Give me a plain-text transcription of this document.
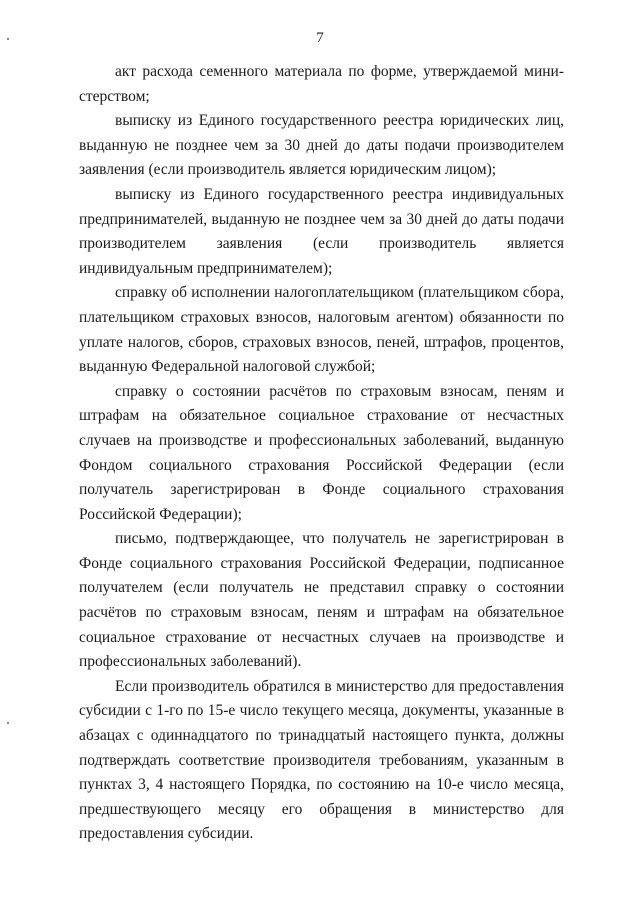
7

акт расхода семенного материала по форме, утверждаемой министерством;

выписку из Единого государственного реестра юридических лиц, выданную не позднее чем за 30 дней до даты подачи производителем заявления (если производитель является юридическим лицом);

выписку из Единого государственного реестра индивидуальных предпринимателей, выданную не позднее чем за 30 дней до даты подачи производителем заявления (если производитель является индивидуальным предпринимателем);

справку об исполнении налогоплательщиком (плательщиком сбора, плательщиком страховых взносов, налоговым агентом) обязанности по уплате налогов, сборов, страховых взносов, пеней, штрафов, процентов, выданную Федеральной налоговой службой;

справку о состоянии расчётов по страховым взносам, пеням и штрафам на обязательное социальное страхование от несчастных случаев на производстве и профессиональных заболеваний, выданную Фондом социального страхования Российской Федерации (если получатель зарегистрирован в Фонде социального страхования Российской Федерации);

письмо, подтверждающее, что получатель не зарегистрирован в Фонде социального страхования Российской Федерации, подписанное получателем (если получатель не представил справку о состоянии расчётов по страховым взносам, пеням и штрафам на обязательное социальное страхование от несчастных случаев на производстве и профессиональных заболеваний).

Если производитель обратился в министерство для предоставления субсидии с 1-го по 15-е число текущего месяца, документы, указанные в абзацах с одиннадцатого по тринадцатый настоящего пункта, должны подтверждать соответствие производителя требованиям, указанным в пунктах 3, 4 настоящего Порядка, по состоянию на 10-е число месяца, предшествующего месяцу его обращения в министерство для предоставления субсидии.
